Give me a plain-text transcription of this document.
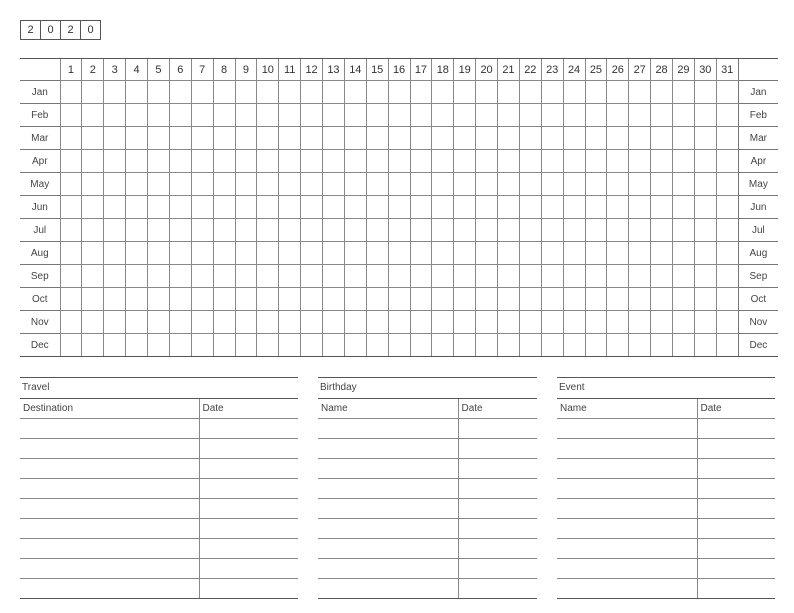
2	0	2	0
	1	2	3	4	5	6	7	8	9	10	11	12	13	14	15	16	17	18	19	20	21	22	23	24	25	26	27	28	29	30	31	
Jan																																Jan
Feb																																Feb
Mar																																Mar
Apr																																Apr
May																																May
Jun																																Jun
Jul																																Jul
Aug																																Aug
Sep																																Sep
Oct																																Oct
Nov																																Nov
Dec																																Dec
Travel
Destination	Date

Birthday
Name	Date

Event
Name	Date
